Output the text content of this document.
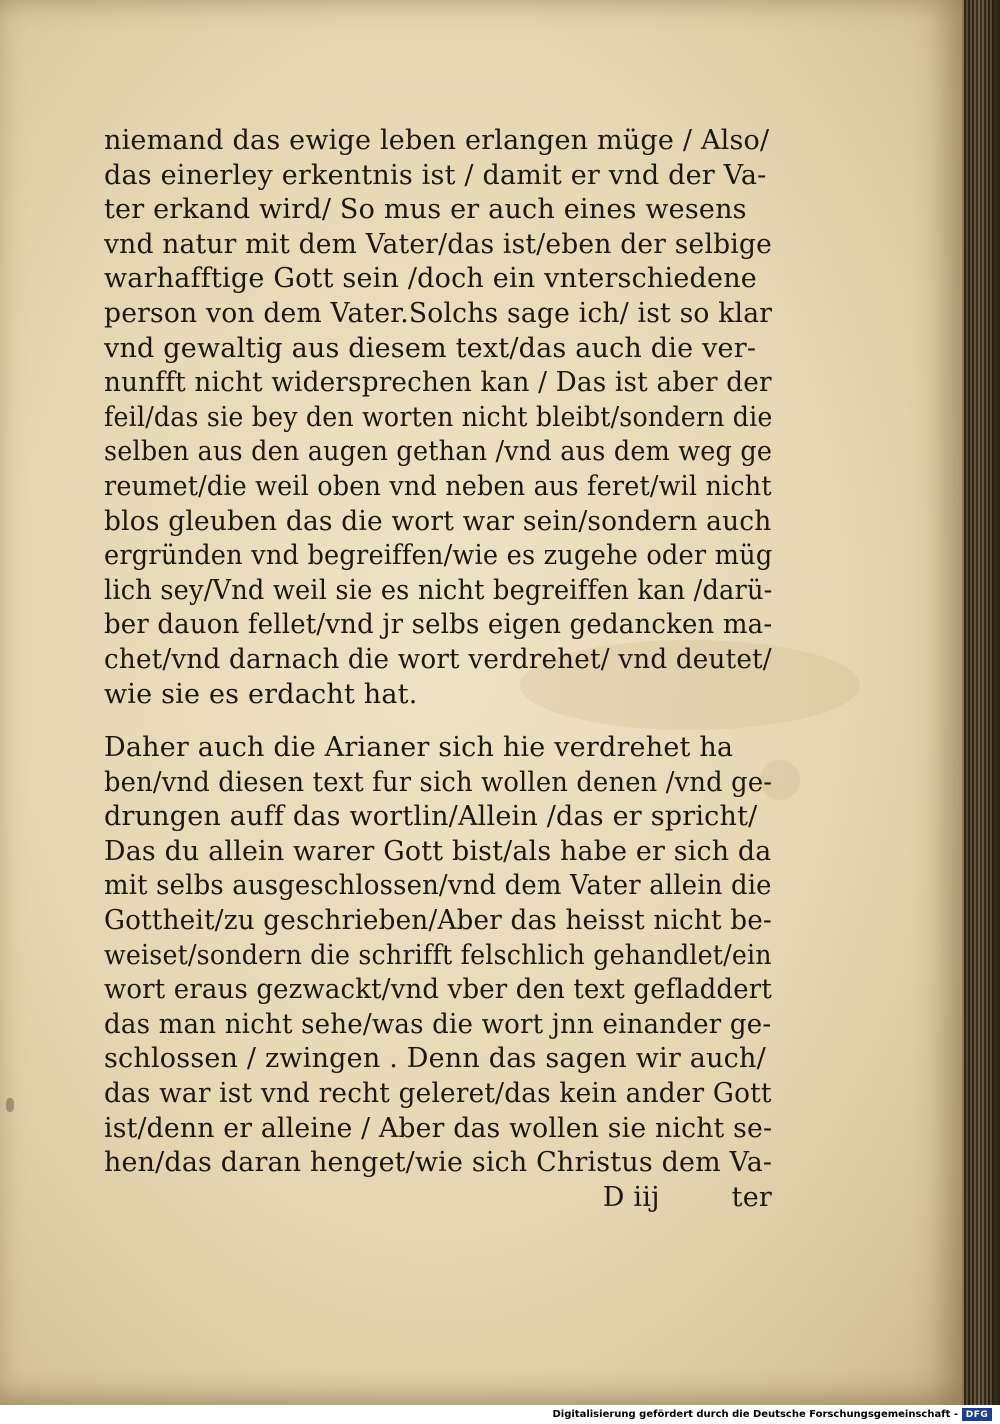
niemand das ewige leben erlangen müge / Also/
das einerley erkentnis ist / damit er vnd der Va-
ter erkand wird/ So mus er auch eines wesens
vnd natur mit dem Vater/das ist/eben der selbige
warhafftige Gott sein /doch ein vnterschiedene
person von dem Vater.Solchs sage ich/ ist so klar
vnd gewaltig aus diesem text/das auch die ver-
nunfft nicht widersprechen kan / Das ist aber der
feil/das sie bey den worten nicht bleibt/sondern die
selben aus den augen gethan /vnd aus dem weg ge
reumet/die weil oben vnd neben aus feret/wil nicht
blos gleuben das die wort war sein/sondern auch
ergründen vnd begreiffen/wie es zugehe oder müg
lich sey/Vnd weil sie es nicht begreiffen kan /darü-
ber dauon fellet/vnd jr selbs eigen gedancken ma-
chet/vnd darnach die wort verdrehet/ vnd deutet/
wie sie es erdacht hat.
Daher auch die Arianer sich hie verdrehet ha
ben/vnd diesen text fur sich wollen denen /vnd ge-
drungen auff das wortlin/Allein /das er spricht/
Das du allein warer Gott bist/als habe er sich da
mit selbs ausgeschlossen/vnd dem Vater allein die
Gottheit/zu geschrieben/Aber das heisst nicht be-
weiset/sondern die schrifft felschlich gehandlet/ein
wort eraus gezwackt/vnd vber den text gefladdert
das man nicht sehe/was die wort jnn einander ge-
schlossen / zwingen . Denn das sagen wir auch/
das war ist vnd recht geleret/das kein ander Gott
ist/denn er alleine / Aber das wollen sie nicht se-
hen/das daran henget/wie sich Christus dem Va-
D iij	ter
Digitalisierung gefördert durch die Deutsche Forschungsgemeinschaft - DFG
